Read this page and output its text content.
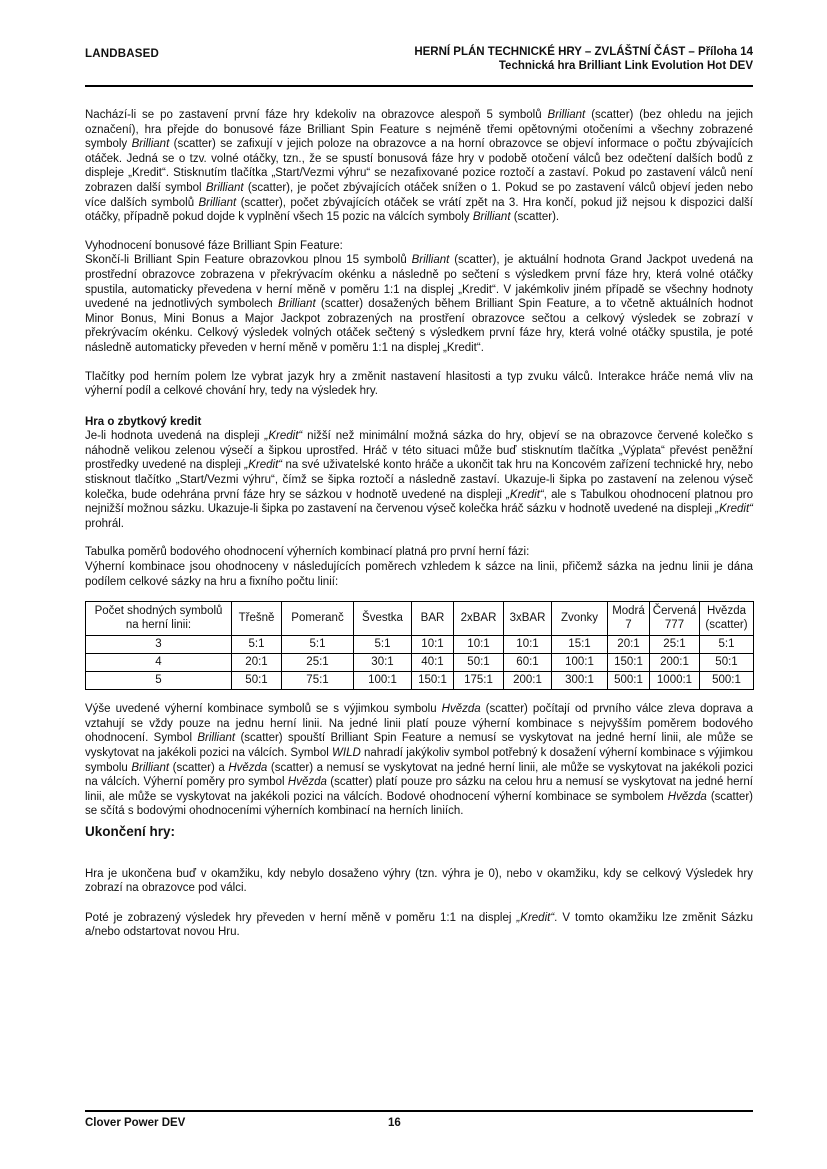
LANDBASED	HERNÍ PLÁN TECHNICKÉ HRY – ZVLÁŠTNÍ ČÁST – Příloha 14
Technická hra Brilliant Link Evolution Hot DEV

Nachází-li se po zastavení první fáze hry kdekoliv na obrazovce alespoň 5 symbolů Brilliant (scatter) (bez ohledu na jejich označení), hra přejde do bonusové fáze Brilliant Spin Feature s nejméně třemi opětovnými otočeními a všechny zobrazené symboly Brilliant (scatter) se zafixují v jejich poloze na obrazovce a na horní obrazovce se objeví informace o počtu zbývajících otáček. Jedná se o tzv. volné otáčky, tzn., že se spustí bonusová fáze hry v podobě otočení válců bez odečtení dalších bodů z displeje „Kredit“. Stisknutím tlačítka „Start/Vezmi výhru“ se nezafixované pozice roztočí a zastaví. Pokud po zastavení válců není zobrazen další symbol Brilliant (scatter), je počet zbývajících otáček snížen o 1. Pokud se po zastavení válců objeví jeden nebo více dalších symbolů Brilliant (scatter), počet zbývajících otáček se vrátí zpět na 3. Hra končí, pokud již nejsou k dispozici další otáčky, případně pokud dojde k vyplnění všech 15 pozic na válcích symboly Brilliant (scatter).

Vyhodnocení bonusové fáze Brilliant Spin Feature:

Skončí-li Brilliant Spin Feature obrazovkou plnou 15 symbolů Brilliant (scatter), je aktuální hodnota Grand Jackpot uvedená na prostřední obrazovce zobrazena v překrývacím okénku a následně po sečtení s výsledkem první fáze hry, která volné otáčky spustila, automaticky převedena v herní měně v poměru 1:1 na displej „Kredit“. V jakémkoliv jiném případě se všechny hodnoty uvedené na jednotlivých symbolech Brilliant (scatter) dosažených během Brilliant Spin Feature, a to včetně aktuálních hodnot Minor Bonus, Mini Bonus a Major Jackpot zobrazených na prostření obrazovce sečtou a celkový výsledek se zobrazí v překrývacím okénku. Celkový výsledek volných otáček sečtený s výsledkem první fáze hry, která volné otáčky spustila, je poté následně automaticky převeden v herní měně v poměru 1:1 na displej „Kredit“.

Tlačítky pod herním polem lze vybrat jazyk hry a změnit nastavení hlasitosti a typ zvuku válců. Interakce hráče nemá vliv na výherní podíl a celkové chování hry, tedy na výsledek hry.

Hra o zbytkový kredit

Je-li hodnota uvedená na displeji „Kredit“ nižší než minimální možná sázka do hry, objeví se na obrazovce červené kolečko s náhodně velikou zelenou výsečí a šipkou uprostřed. Hráč v této situaci může buď stisknutím tlačítka „Výplata“ převést peněžní prostředky uvedené na displeji „Kredit“ na své uživatelské konto hráče a ukončit tak hru na Koncovém zařízení technické hry, nebo stisknout tlačítko „Start/Vezmi výhru“, čímž se šipka roztočí a následně zastaví. Ukazuje-li šipka po zastavení na zelenou výseč kolečka, bude odehrána první fáze hry se sázkou v hodnotě uvedené na displeji „Kredit“, ale s Tabulkou ohodnocení platnou pro nejnižší možnou sázku. Ukazuje-li šipka po zastavení na červenou výseč kolečka hráč sázku v hodnotě uvedené na displeji „Kredit“ prohrál.

Tabulka poměrů bodového ohodnocení výherních kombinací platná pro první herní fázi:

Výherní kombinace jsou ohodnoceny v následujících poměrech vzhledem k sázce na linii, přičemž sázka na jednu linii je dána podílem celkové sázky na hru a fixního počtu linií:

Počet shodných symbolů na herní linii:	Třešně	Pomeranč	Švestka	BAR	2xBAR	3xBAR	Zvonky	Modrá 7	Červená 777	Hvězda (scatter)
3	5:1	5:1	5:1	10:1	10:1	10:1	15:1	20:1	25:1	5:1
4	20:1	25:1	30:1	40:1	50:1	60:1	100:1	150:1	200:1	50:1
5	50:1	75:1	100:1	150:1	175:1	200:1	300:1	500:1	1000:1	500:1

Výše uvedené výherní kombinace symbolů se s výjimkou symbolu Hvězda (scatter) počítají od prvního válce zleva doprava a vztahují se vždy pouze na jednu herní linii. Na jedné linii platí pouze výherní kombinace s nejvyšším poměrem bodového ohodnocení. Symbol Brilliant (scatter) spouští Brilliant Spin Feature a nemusí se vyskytovat na jedné herní linii, ale může se vyskytovat na jakékoli pozici na válcích. Symbol WILD nahradí jakýkoliv symbol potřebný k dosažení výherní kombinace s výjimkou symbolu Brilliant (scatter) a Hvězda (scatter) a nemusí se vyskytovat na jedné herní linii, ale může se vyskytovat na jakékoli pozici na válcích. Výherní poměry pro symbol Hvězda (scatter) platí pouze pro sázku na celou hru a nemusí se vyskytovat na jedné herní linii, ale může se vyskytovat na jakékoli pozici na válcích. Bodové ohodnocení výherní kombinace se symbolem Hvězda (scatter) se sčítá s bodovými ohodnoceními výherních kombinací na herních liniích.

Ukončení hry:

Hra je ukončena buď v okamžiku, kdy nebylo dosaženo výhry (tzn. výhra je 0), nebo v okamžiku, kdy se celkový Výsledek hry zobrazí na obrazovce pod válci.

Poté je zobrazený výsledek hry převeden v herní měně v poměru 1:1 na displej „Kredit“. V tomto okamžiku lze změnit Sázku a/nebo odstartovat novou Hru.

Clover Power DEV	16
